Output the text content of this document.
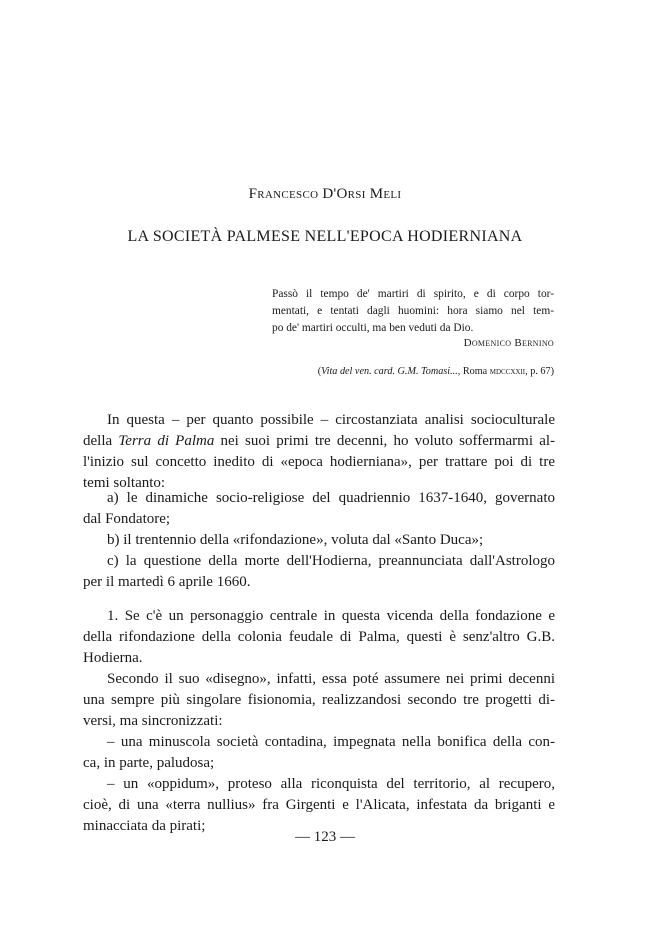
Francesco D'Orsi Meli
LA SOCIETÀ PALMESE NELL'EPOCA HODIERNIANA
Passò il tempo de' martiri di spirito, e di corpo tor-
mentati, e tentati dagli huomini: hora siamo nel tem-
po de' martiri occulti, ma ben veduti da Dio.
Domenico Bernino
(Vita del ven. card. G.M. Tomasi..., Roma mdccxxii, p. 67)
In questa – per quanto possibile – circostanziata analisi socioculturale
della Terra di Palma nei suoi primi tre decenni, ho voluto soffermarmi al-
l'inizio sul concetto inedito di «epoca hodierniana», per trattare poi di tre
temi soltanto:
a) le dinamiche socio-religiose del quadriennio 1637-1640, governato
dal Fondatore;
b) il trentennio della «rifondazione», voluta dal «Santo Duca»;
c) la questione della morte dell'Hodierna, preannunciata dall'Astrologo
per il martedì 6 aprile 1660.
1. Se c'è un personaggio centrale in questa vicenda della fondazione e
della rifondazione della colonia feudale di Palma, questi è senz'altro G.B.
Hodierna.
Secondo il suo «disegno», infatti, essa poté assumere nei primi decenni
una sempre più singolare fisionomia, realizzandosi secondo tre progetti di-
versi, ma sincronizzati:
– una minuscola società contadina, impegnata nella bonifica della con-
ca, in parte, paludosa;
– un «oppidum», proteso alla riconquista del territorio, al recupero,
cioè, di una «terra nullius» fra Girgenti e l'Alicata, infestata da briganti e
minacciata da pirati;
— 123 —
